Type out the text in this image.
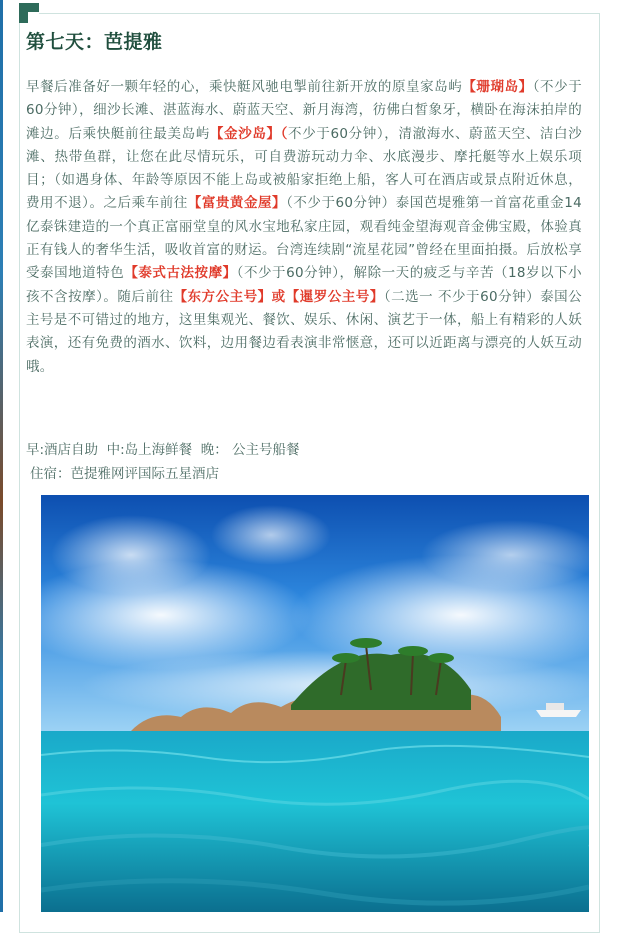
第七天：芭提雅
早餐后准备好一颗年轻的心，乘快艇风驰电掣前往新开放的原皇家岛屿【珊瑚岛】（不少于60分钟），细沙长滩、湛蓝海水、蔚蓝天空、新月海湾，彷佛白皙象牙，横卧在海沫拍岸的滩边。后乘快艇前往最美岛屿【金沙岛】（不少于60分钟），清澈海水、蔚蓝天空、洁白沙滩、热带鱼群，让您在此尽情玩乐，可自费游玩动力伞、水底漫步、摩托艇等水上娱乐项目；（如遇身体、年龄等原因不能上岛或被船家拒绝上船，客人可在酒店或景点附近休息，费用不退）。之后乘车前往【富贵黄金屋】（不少于60分钟）泰国芭堤雅第一首富花重金14亿泰铢建造的一个真正富丽堂皇的风水宝地私家庄园，观看纯金望海观音金佛宝殿，体验真正有钱人的奢华生活，吸收首富的财运。台湾连续剧“流星花园”曾经在里面拍摄。后放松享受泰国地道特色【泰式古法按摩】（不少于60分钟），解除一天的疲乏与辛苦（18岁以下小孩不含按摩）。随后前往【东方公主号】或【暹罗公主号】（二选一 不少于60分钟）泰国公主号是不可错过的地方，这里集观光、餐饮、娱乐、休闲、演艺于一体，船上有精彩的人妖表演，还有免费的酒水、饮料，边用餐边看表演非常惬意，还可以近距离与漂亮的人妖互动哦。
早:酒店自助  中:岛上海鲜餐  晚： 公主号船餐
住宿：芭提雅网评国际五星酒店
